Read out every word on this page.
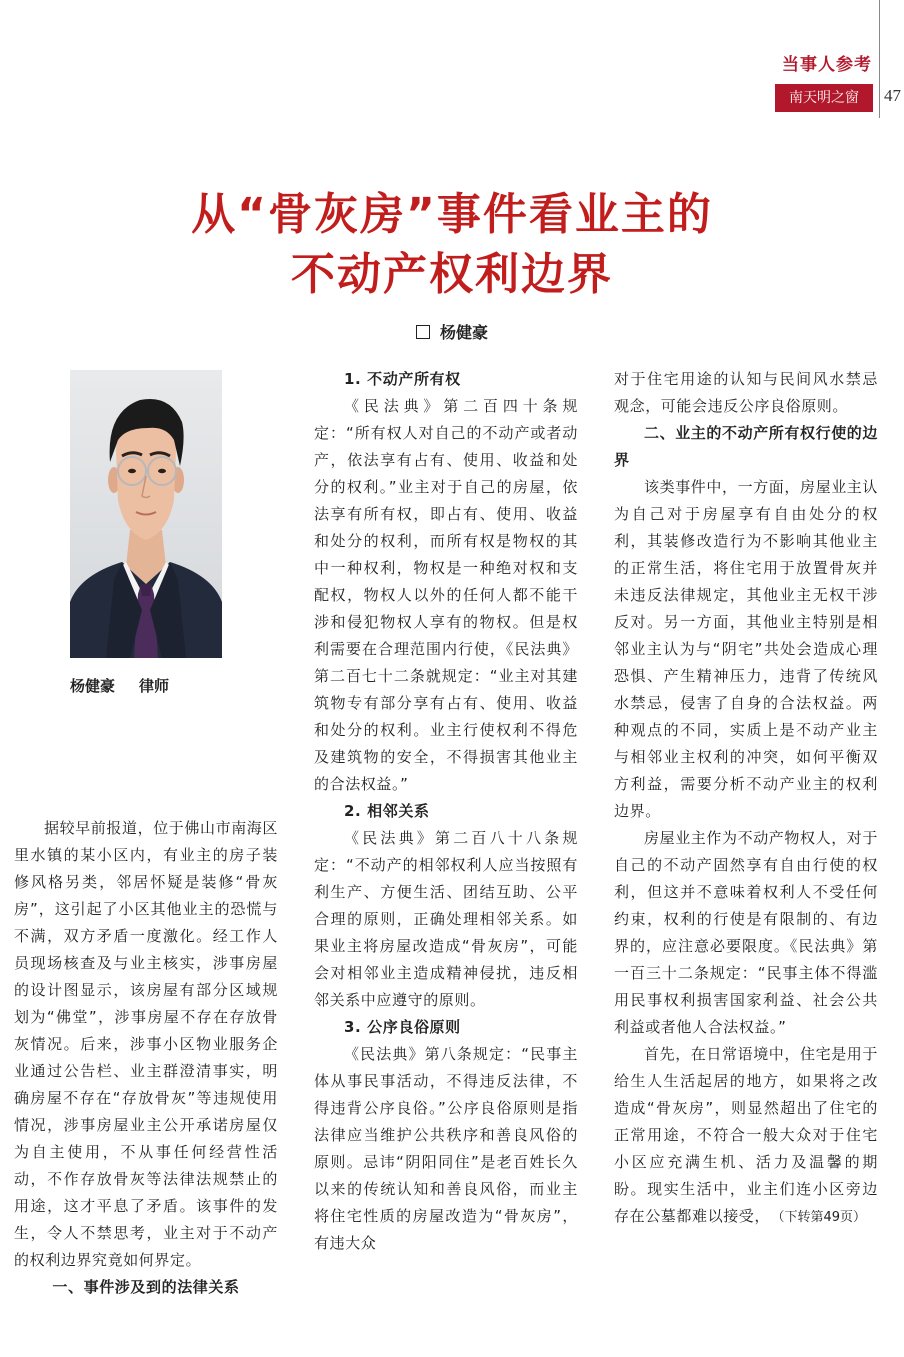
当事人参考
南天明之窗	47
从“骨灰房”事件看业主的
不动产权利边界
杨健豪
杨健豪 律师

据较早前报道，位于佛山市南海区里水镇的某小区内，有业主的房子装修风格另类，邻居怀疑是装修“骨灰房”，这引起了小区其他业主的恐慌与不满，双方矛盾一度激化。经工作人员现场核查及与业主核实，涉事房屋的设计图显示，该房屋有部分区域规划为“佛堂”，涉事房屋不存在存放骨灰情况。后来，涉事小区物业服务企业通过公告栏、业主群澄清事实，明确房屋不存在“存放骨灰”等违规使用情况，涉事房屋业主公开承诺房屋仅为自主使用，不从事任何经营性活动，不作存放骨灰等法律法规禁止的用途，这才平息了矛盾。该事件的发生，令人不禁思考，业主对于不动产的权利边界究竟如何界定。

一、事件涉及到的法律关系

1. 不动产所有权

《民法典》第二百四十条规定：“所有权人对自己的不动产或者动产，依法享有占有、使用、收益和处分的权利。”业主对于自己的房屋，依法享有所有权，即占有、使用、收益和处分的权利，而所有权是物权的其中一种权利，物权是一种绝对权和支配权，物权人以外的任何人都不能干涉和侵犯物权人享有的物权。但是权利需要在合理范围内行使，《民法典》第二百七十二条就规定：“业主对其建筑物专有部分享有占有、使用、收益和处分的权利。业主行使权利不得危及建筑物的安全，不得损害其他业主的合法权益。”

2. 相邻关系

《民法典》第二百八十八条规定：“不动产的相邻权利人应当按照有利生产、方便生活、团结互助、公平合理的原则，正确处理相邻关系。如果业主将房屋改造成“骨灰房”，可能会对相邻业主造成精神侵扰，违反相邻关系中应遵守的原则。

3. 公序良俗原则

《民法典》第八条规定：“民事主体从事民事活动，不得违反法律，不得违背公序良俗。”公序良俗原则是指法律应当维护公共秩序和善良风俗的原则。忌讳“阴阳同住”是老百姓长久以来的传统认知和善良风俗，而业主将住宅性质的房屋改造为“骨灰房”，有违大众

对于住宅用途的认知与民间风水禁忌观念，可能会违反公序良俗原则。

二、业主的不动产所有权行使的边界

该类事件中，一方面，房屋业主认为自己对于房屋享有自由处分的权利，其装修改造行为不影响其他业主的正常生活，将住宅用于放置骨灰并未违反法律规定，其他业主无权干涉反对。另一方面，其他业主特别是相邻业主认为与“阴宅”共处会造成心理恐惧、产生精神压力，违背了传统风水禁忌，侵害了自身的合法权益。两种观点的不同，实质上是不动产业主与相邻业主权利的冲突，如何平衡双方利益，需要分析不动产业主的权利边界。

房屋业主作为不动产物权人，对于自己的不动产固然享有自由行使的权利，但这并不意味着权利人不受任何约束，权利的行使是有限制的、有边界的，应注意必要限度。《民法典》第一百三十二条规定：“民事主体不得滥用民事权利损害国家利益、社会公共利益或者他人合法权益。”

首先，在日常语境中，住宅是用于给生人生活起居的地方，如果将之改造成“骨灰房”，则显然超出了住宅的正常用途，不符合一般大众对于住宅小区应充满生机、活力及温馨的期盼。现实生活中，业主们连小区旁边存在公墓都难以接受， （下转第49页）
